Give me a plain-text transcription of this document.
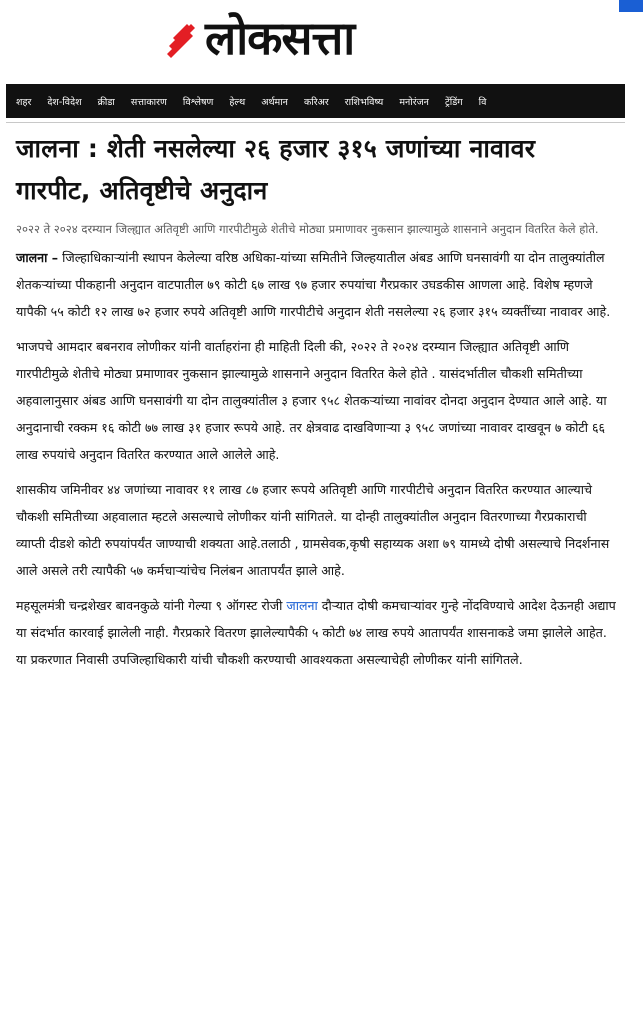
लोकसत्ता
शहर	देश-विदेश	क्रीडा	सत्ताकारण	विश्लेषण	हेल्थ	अर्थमान	करिअर	राशिभविष्य	मनोरंजन	ट्रेंडिंग	वि
जालना : शेती नसलेल्या २६ हजार ३१५ जणांच्या नावावर गारपीट, अतिवृष्टीचे अनुदान

२०२२ ते २०२४ दरम्यान जिल्ह्यात अतिवृष्टी आणि गारपीटीमुळे शेतीचे मोठ्या प्रमाणावर नुकसान झाल्यामुळे शासनाने अनुदान वितरित केले होते.

जालना – जिल्हाधिकाऱ्यांनी स्थापन केलेल्या वरिष्ठ अधिका-यांच्या समितीने जिल्हयातील अंबड आणि घनसावंगी या दोन तालुक्यांतील शेतकऱ्यांच्या पीकहानी अनुदान वाटपातील ७९ कोटी ६७ लाख ९७ हजार रुपयांचा गैरप्रकार उघडकीस आणला आहे. विशेष म्हणजे यापैकी ५५ कोटी १२ लाख ७२ हजार रुपये अतिवृष्टी आणि गारपीटीचे अनुदान शेती नसलेल्या २६ हजार ३१५ व्यक्तींच्या नावावर आहे.

भाजपचे आमदार बबनराव लोणीकर यांनी वार्ताहरांना ही माहिती दिली की, २०२२ ते २०२४ दरम्यान जिल्ह्यात अतिवृष्टी आणि गारपीटीमुळे शेतीचे मोठ्या प्रमाणावर नुकसान झाल्यामुळे शासनाने अनुदान वितरित केले होते . यासंदर्भातील चौकशी समितीच्या अहवालानुसार अंबड आणि घनसावंगी या दोन तालुक्यांतील ३ हजार ९५८ शेतकऱ्यांच्या नावांवर दोनदा अनुदान देण्यात आले आहे. या अनुदानाची रक्कम १६ कोटी ७७ लाख ३१ हजार रूपये आहे. तर क्षेत्रवाढ दाखविणाऱ्या ३ ९५८ जणांच्या नावावर दाखवून ७ कोटी ६६ लाख रुपयांचे अनुदान वितरित करण्यात आले आलेले आहे.

शासकीय जमिनीवर ४४ जणांच्या नावावर ११ लाख ८७ हजार रूपये अतिवृष्टी आणि गारपीटीचे अनुदान वितरित करण्यात आल्याचे चौकशी समितीच्या अहवालात म्हटले असल्याचे लोणीकर यांनी सांगितले. या दोन्ही तालुक्यांतील अनुदान वितरणाच्या गैरप्रकाराची व्याप्ती दीडशे कोटी रुपयांपर्यंत जाण्याची शक्यता आहे.तलाठी , ग्रामसेवक,कृषी सहाय्यक अशा ७९ यामध्ये दोषी असल्याचे निदर्शनास आले असले तरी त्यापैकी ५७ कर्मचाऱ्यांचेच निलंबन आतापर्यंत झाले आहे.

महसूलमंत्री चन्द्रशेखर बावनकुळे यांनी गेल्या ९ ऑगस्ट रोजी जालना दौऱ्यात दोषी कमचाऱ्यांवर गुन्हे नोंदविण्याचे आदेश देऊनही अद्याप या संदर्भात कारवाई झालेली नाही. गैरप्रकारे वितरण झालेल्यापैकी ५ कोटी ७४ लाख रुपये आतापर्यंत शासनाकडे जमा झालेले आहेत. या प्रकरणात निवासी उपजिल्हाधिकारी यांची चौकशी करण्याची आवश्यकता असल्याचेही लोणीकर यांनी सांगितले.
